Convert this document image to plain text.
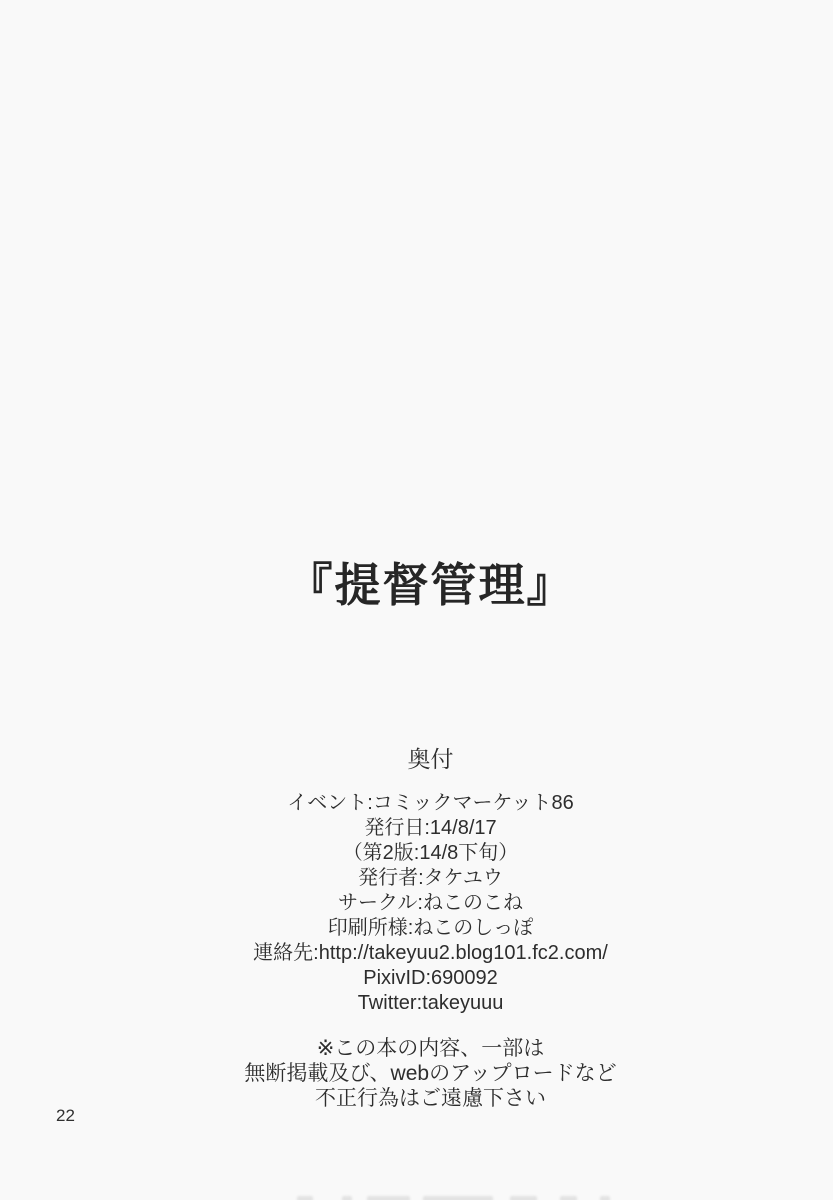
『提督管理』
奥付
イベント:コミックマーケット86
発行日:14/8/17
（第2版:14/8下旬）
発行者:タケユウ
サークル:ねこのこね
印刷所様:ねこのしっぽ
連絡先:http://takeyuu2.blog101.fc2.com/
PixivID:690092
Twitter:takeyuuu
※この本の内容、一部は
無断掲載及び、webのアップロードなど
不正行為はご遠慮下さい
22
